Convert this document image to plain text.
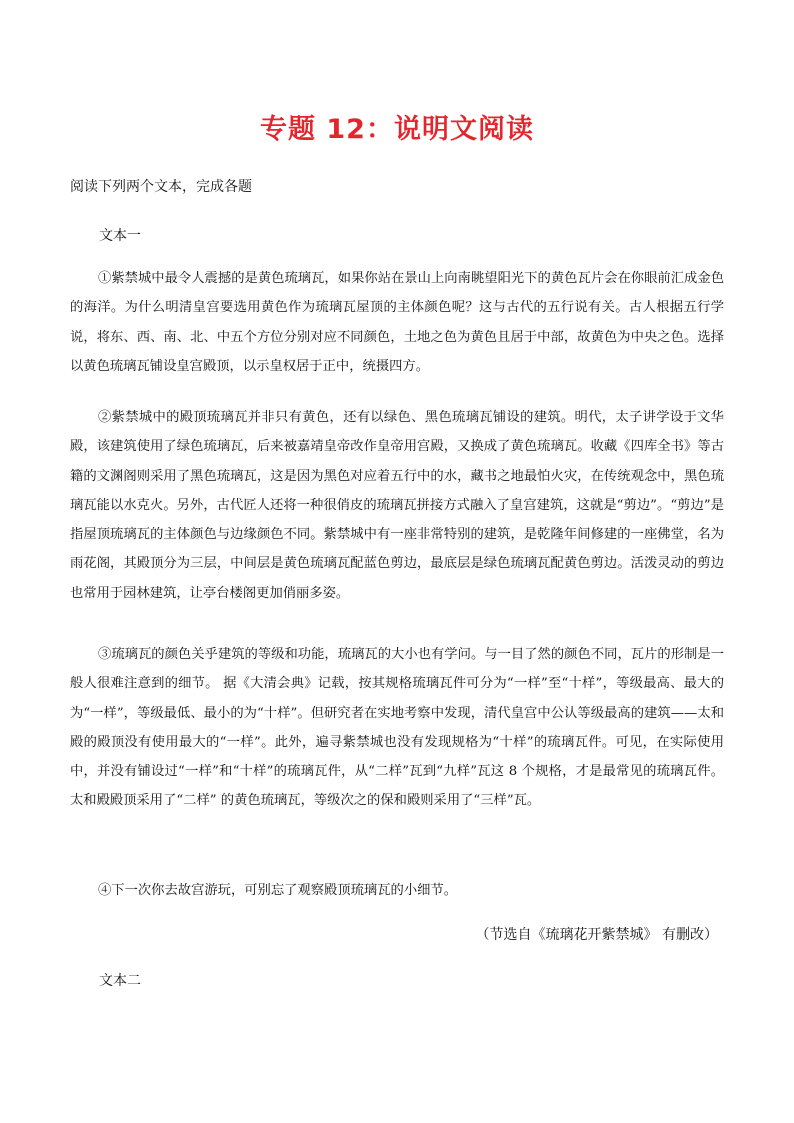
专题 12：说明文阅读
阅读下列两个文本，完成各题
文本一

①紫禁城中最令人震撼的是黄色琉璃瓦，如果你站在景山上向南眺望阳光下的黄色瓦片会在你眼前汇成金色的海洋。为什么明清皇宫要选用黄色作为琉璃瓦屋顶的主体颜色呢？这与古代的五行说有关。古人根据五行学说，将东、西、南、北、中五个方位分别对应不同颜色，土地之色为黄色且居于中部，故黄色为中央之色。选择以黄色琉璃瓦铺设皇宫殿顶，以示皇权居于正中，统摄四方。

②紫禁城中的殿顶琉璃瓦并非只有黄色，还有以绿色、黑色琉璃瓦铺设的建筑。明代，太子讲学设于文华殿，该建筑使用了绿色琉璃瓦，后来被嘉靖皇帝改作皇帝用宫殿，又换成了黄色琉璃瓦。收藏《四库全书》等古籍的文渊阁则采用了黑色琉璃瓦，这是因为黑色对应着五行中的水，藏书之地最怕火灾，在传统观念中，黑色琉璃瓦能以水克火。另外，古代匠人还将一种很俏皮的琉璃瓦拼接方式融入了皇宫建筑，这就是“剪边”。“剪边”是指屋顶琉璃瓦的主体颜色与边缘颜色不同。紫禁城中有一座非常特别的建筑，是乾隆年间修建的一座佛堂，名为雨花阁，其殿顶分为三层，中间层是黄色琉璃瓦配蓝色剪边，最底层是绿色琉璃瓦配黄色剪边。活泼灵动的剪边也常用于园林建筑，让亭台楼阁更加俏丽多姿。

③琉璃瓦的颜色关乎建筑的等级和功能，琉璃瓦的大小也有学问。与一目了然的颜色不同，瓦片的形制是一般人很难注意到的细节。 据《大清会典》记载，按其规格琉璃瓦件可分为“一样”至“十样”，等级最高、最大的为“一样”，等级最低、最小的为“十样”。但研究者在实地考察中发现，清代皇宫中公认等级最高的建筑——太和殿的殿顶没有使用最大的“一样”。此外，遍寻紫禁城也没有发现规格为“十样”的琉璃瓦件。可见，在实际使用中，并没有铺设过“一样”和“十样”的琉璃瓦件，从“二样”瓦到“九样”瓦这 8 个规格，才是最常见的琉璃瓦件。太和殿殿顶采用了“二样” 的黄色琉璃瓦，等级次之的保和殿则采用了“三样”瓦。

④下一次你去故宫游玩，可别忘了观察殿顶琉璃瓦的小细节。

（节选自《琉璃花开紫禁城》 有删改）
文本二
